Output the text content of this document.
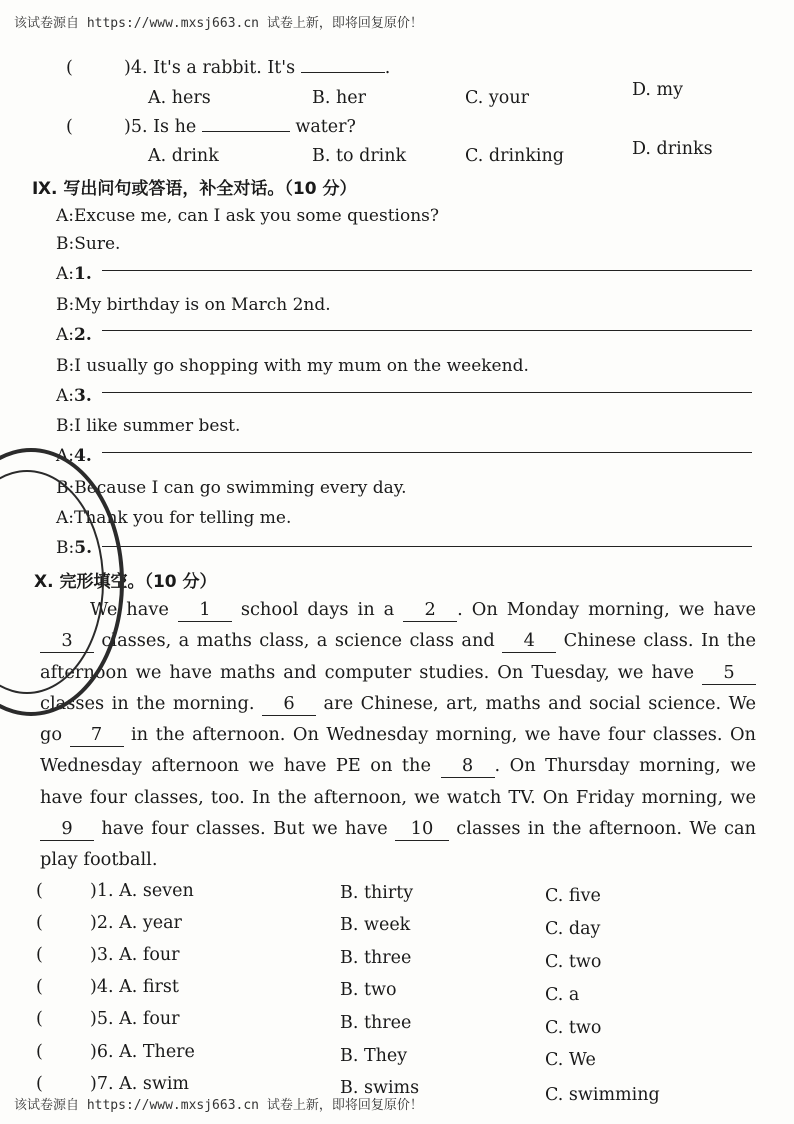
该试卷源自 https://www.mxsj663.cn 试卷上新，即将回复原价！
(	)4. It's a rabbit. It's	.
A. hers	B. her	C. your	D. my
(	)5. Is he	water?
A. drink	B. to drink	C. drinking	D. drinks
Ⅸ. 写出问句或答语，补全对话。（10 分）
A:Excuse me, can I ask you some questions?
B:Sure.
A:1.
B:My birthday is on March 2nd.
A:2.
B:I usually go shopping with my mum on the weekend.
A:3.
B:I like summer best.
A:4.
B:Because I can go swimming every day.
A:Thank you for telling me.
B:5.
Ⅹ. 完形填空。（10 分）
We have 1 school days in a 2 . On Monday morning, we have 3 classes, a maths class, a science class and 4 Chinese class. In the afternoon we have maths and computer studies. On Tuesday, we have 5 classes in the morning. 6 are Chinese, art, maths and social science. We go 7 in the afternoon. On Wednesday morning, we have four classes. On Wednesday afternoon we have PE on the 8 . On Thursday morning, we have four classes, too. In the afternoon, we watch TV. On Friday morning, we 9 have four classes. But we have 10 classes in the afternoon. We can play football.
(	)1. A. seven	B. thirty	C. five
(	)2. A. year	B. week	C. day
(	)3. A. four	B. three	C. two
(	)4. A. first	B. two	C. a
(	)5. A. four	B. three	C. two
(	)6. A. There	B. They	C. We
(	)7. A. swim	B. swims	C. swimming
该试卷源自 https://www.mxsj663.cn 试卷上新，即将回复原价！
